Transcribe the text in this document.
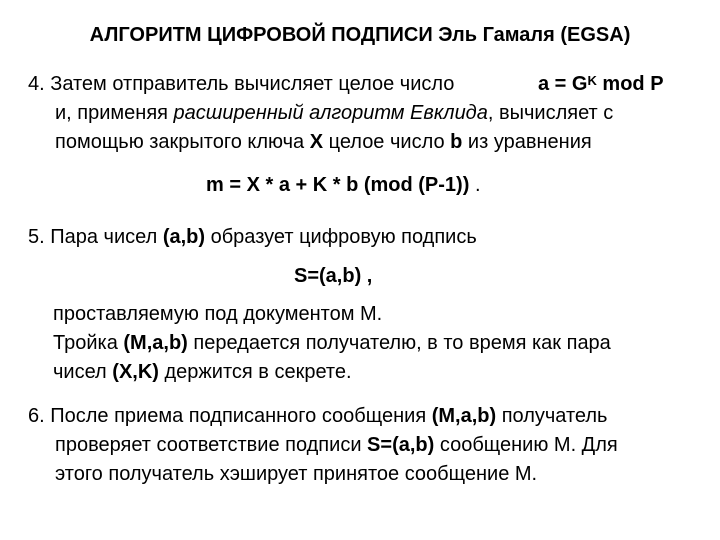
АЛГОРИТМ ЦИФРОВОЙ ПОДПИСИ Эль Гамаля (EGSA)
4. Затем отправитель вычисляет целое число	$a = G^K$ mod P
и, применяя расширенный алгоритм Евклида, вычисляет с
помощью закрытого ключа X целое число b из уравнения
m = X * a + K * b (mod (P-1)) .
5. Пара чисел (a,b) образует цифровую подпись
S=(a,b) ,
проставляемую под документом M.
Тройка (M,a,b) передается получателю, в то время как пара
чисел (X,K) держится в секрете.
6. После приема подписанного сообщения (M,a,b) получатель
проверяет соответствие подписи S=(a,b) сообщению M. Для
этого получатель хэширует принятое сообщение M.
